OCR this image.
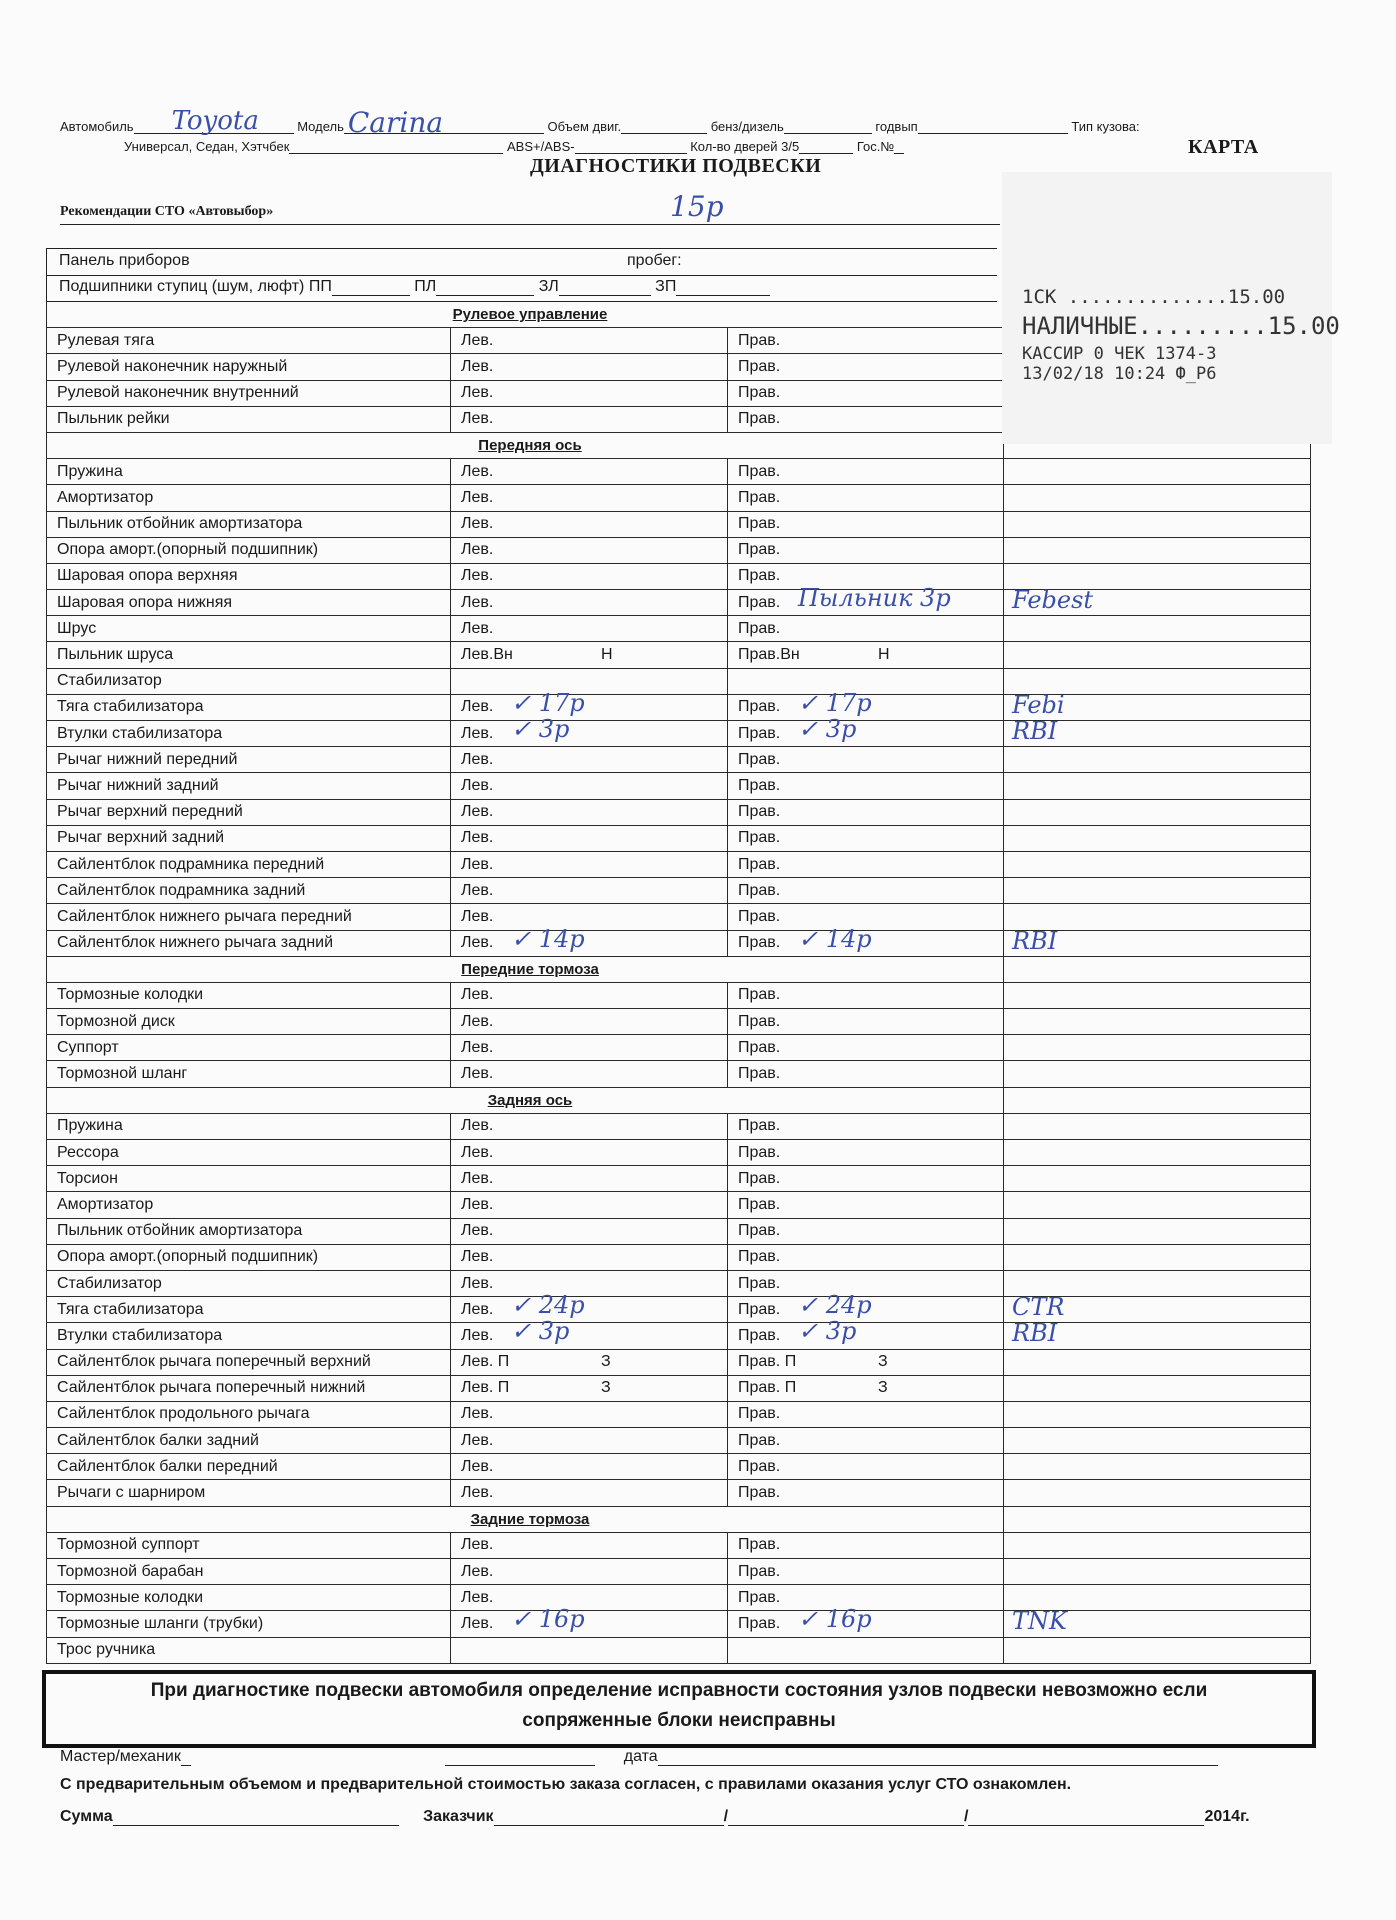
Автомобиль Toyota	Модель Carina	Объем двиг.	бенз/дизель	годвып	Тип кузова:
Универсал, Седан, Хэтчбек	ABS+/ABS-	Кол-во дверей 3/5	Гос.№	КАРТА
ДИАГНОСТИКИ ПОДВЕСКИ
Рекомендации СТО «Автовыбор»	15р
Панель приборов	пробег:
Подшипники ступиц (шум, люфт) ПП	ПЛ	ЗЛ	ЗП
Рулевое управление			
Рулевая тяга	Лев.	Прав.	
Рулевой наконечник наружный	Лев.	Прав.	
Рулевой наконечник внутренний	Лев.	Прав.	
Пыльник рейки	Лев.	Прав.	
Передняя ось			
Пружина	Лев.	Прав.	
Амортизатор	Лев.	Прав.	
Пыльник отбойник амортизатора	Лев.	Прав.	
Опора аморт.(опорный подшипник)	Лев.	Прав.	
Шаровая опора верхняя	Лев.	Прав.	
Шаровая опора нижняя	Лев.	Прав. Пыльник 3р	Febest

Шрус	Лев.	Прав.	
Пыльник шруса	Лев.Вн Н	Прав.Вн Н	

Стабилизатор			
Тяга стабилизатора	Лев. ✓ 17р	Прав. ✓ 17р	Febi

Втулки стабилизатора	Лев. ✓ 3р	Прав. ✓ 3р	RBI

Рычаг нижний передний	Лев.	Прав.	
Рычаг нижний задний	Лев.	Прав.	
Рычаг верхний передний	Лев.	Прав.	
Рычаг верхний задний	Лев.	Прав.	
Сайлентблок подрамника передний	Лев.	Прав.	
Сайлентблок подрамника задний	Лев.	Прав.	
Сайлентблок нижнего рычага передний	Лев.	Прав.	
Сайлентблок нижнего рычага задний	Лев. ✓ 14р	Прав. ✓ 14р	RBI

Передние тормоза			
Тормозные колодки	Лев.	Прав.	
Тормозной диск	Лев.	Прав.	
Суппорт	Лев.	Прав.	
Тормозной шланг	Лев.	Прав.	
Задняя ось			
Пружина	Лев.	Прав.	
Рессора	Лев.	Прав.	
Торсион	Лев.	Прав.	
Амортизатор	Лев.	Прав.	
Пыльник отбойник амортизатора	Лев.	Прав.	
Опора аморт.(опорный подшипник)	Лев.	Прав.	
Стабилизатор	Лев.	Прав.	
Тяга стабилизатора	Лев. ✓ 24р	Прав. ✓ 24р	CTR

Втулки стабилизатора	Лев. ✓ 3р	Прав. ✓ 3р	RBI

Сайлентблок рычага поперечный верхний	Лев. П З	Прав. П З	

Сайлентблок рычага поперечный нижний	Лев. П З	Прав. П З	

Сайлентблок продольного рычага	Лев.	Прав.	
Сайлентблок балки задний	Лев.	Прав.	
Сайлентблок балки передний	Лев.	Прав.	
Рычаги с шарниром	Лев.	Прав.	
Задние тормоза			
Тормозной суппорт	Лев.	Прав.	
Тормозной барабан	Лев.	Прав.	
Тормозные колодки	Лев.	Прав.	
Тормозные шланги (трубки)	Лев. ✓ 16р	Прав. ✓ 16р	TNK

Трос ручника			
1СК ..............15.00
НАЛИЧНЫЕ.........15.00
КАССИР 0 ЧЕК 1374-3
13/02/18 10:24 Ф_Р6
При диагностике подвески автомобиля определение исправности состояния узлов подвески невозможно если
сопряженные блоки неисправны
Мастер/механик	дата
С предварительным объемом и предварительной стоимостью заказа согласен, с правилами оказания услуг СТО ознакомлен.
Сумма	Заказчик	/	/	2014г.
